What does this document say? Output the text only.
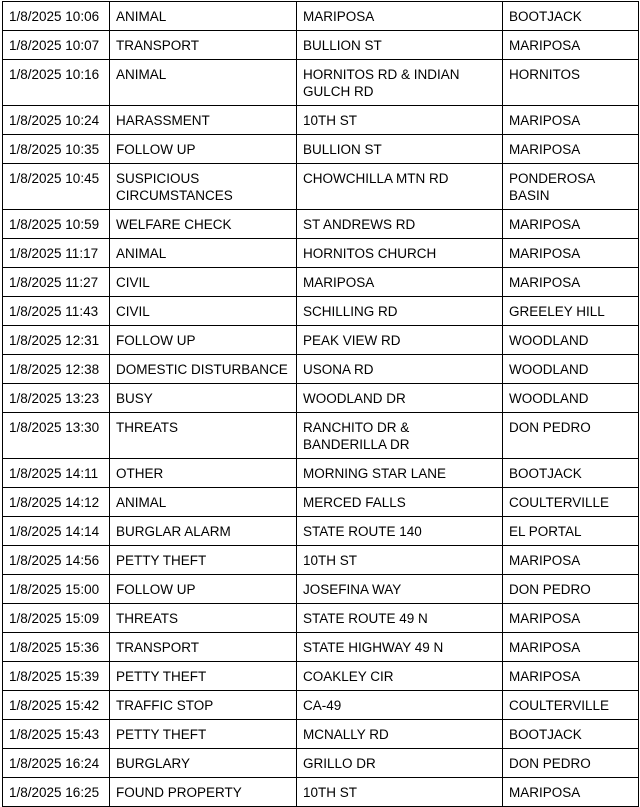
1/8/2025 10:06	ANIMAL	MARIPOSA	BOOTJACK
1/8/2025 10:07	TRANSPORT	BULLION ST	MARIPOSA
1/8/2025 10:16	ANIMAL	HORNITOS RD & INDIAN GULCH RD	HORNITOS
1/8/2025 10:24	HARASSMENT	10TH ST	MARIPOSA
1/8/2025 10:35	FOLLOW UP	BULLION ST	MARIPOSA
1/8/2025 10:45	SUSPICIOUS CIRCUMSTANCES	CHOWCHILLA MTN RD	PONDEROSA BASIN
1/8/2025 10:59	WELFARE CHECK	ST ANDREWS RD	MARIPOSA
1/8/2025 11:17	ANIMAL	HORNITOS CHURCH	MARIPOSA
1/8/2025 11:27	CIVIL	MARIPOSA	MARIPOSA
1/8/2025 11:43	CIVIL	SCHILLING RD	GREELEY HILL
1/8/2025 12:31	FOLLOW UP	PEAK VIEW RD	WOODLAND
1/8/2025 12:38	DOMESTIC DISTURBANCE	USONA RD	WOODLAND
1/8/2025 13:23	BUSY	WOODLAND DR	WOODLAND
1/8/2025 13:30	THREATS	RANCHITO DR & BANDERILLA DR	DON PEDRO
1/8/2025 14:11	OTHER	MORNING STAR LANE	BOOTJACK
1/8/2025 14:12	ANIMAL	MERCED FALLS	COULTERVILLE
1/8/2025 14:14	BURGLAR ALARM	STATE ROUTE 140	EL PORTAL
1/8/2025 14:56	PETTY THEFT	10TH ST	MARIPOSA
1/8/2025 15:00	FOLLOW UP	JOSEFINA WAY	DON PEDRO
1/8/2025 15:09	THREATS	STATE ROUTE 49 N	MARIPOSA
1/8/2025 15:36	TRANSPORT	STATE HIGHWAY 49 N	MARIPOSA
1/8/2025 15:39	PETTY THEFT	COAKLEY CIR	MARIPOSA
1/8/2025 15:42	TRAFFIC STOP	CA-49	COULTERVILLE
1/8/2025 15:43	PETTY THEFT	MCNALLY RD	BOOTJACK
1/8/2025 16:24	BURGLARY	GRILLO DR	DON PEDRO
1/8/2025 16:25	FOUND PROPERTY	10TH ST	MARIPOSA
